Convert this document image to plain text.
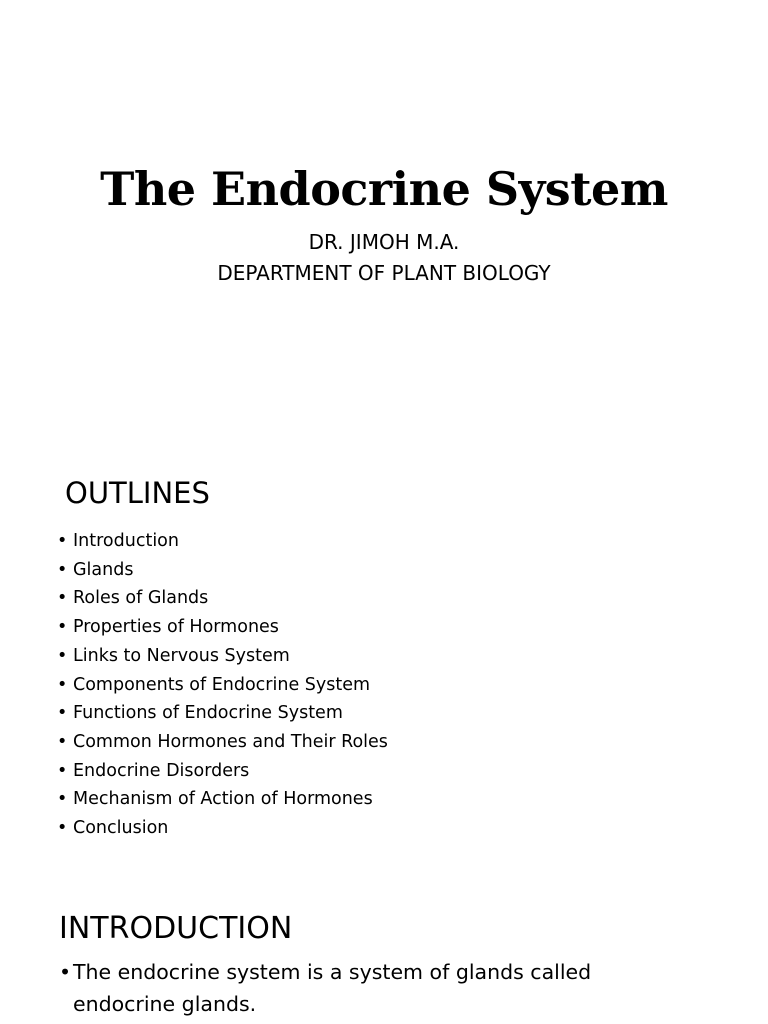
The Endocrine System
DR. JIMOH M.A.
DEPARTMENT OF PLANT BIOLOGY
OUTLINES
• Introduction
• Glands
• Roles of Glands
• Properties of Hormones
• Links to Nervous System
• Components of Endocrine System
• Functions of Endocrine System
• Common Hormones and Their Roles
• Endocrine Disorders
• Mechanism of Action of Hormones
• Conclusion
INTRODUCTION
• The endocrine system is a system of glands called endocrine glands.
